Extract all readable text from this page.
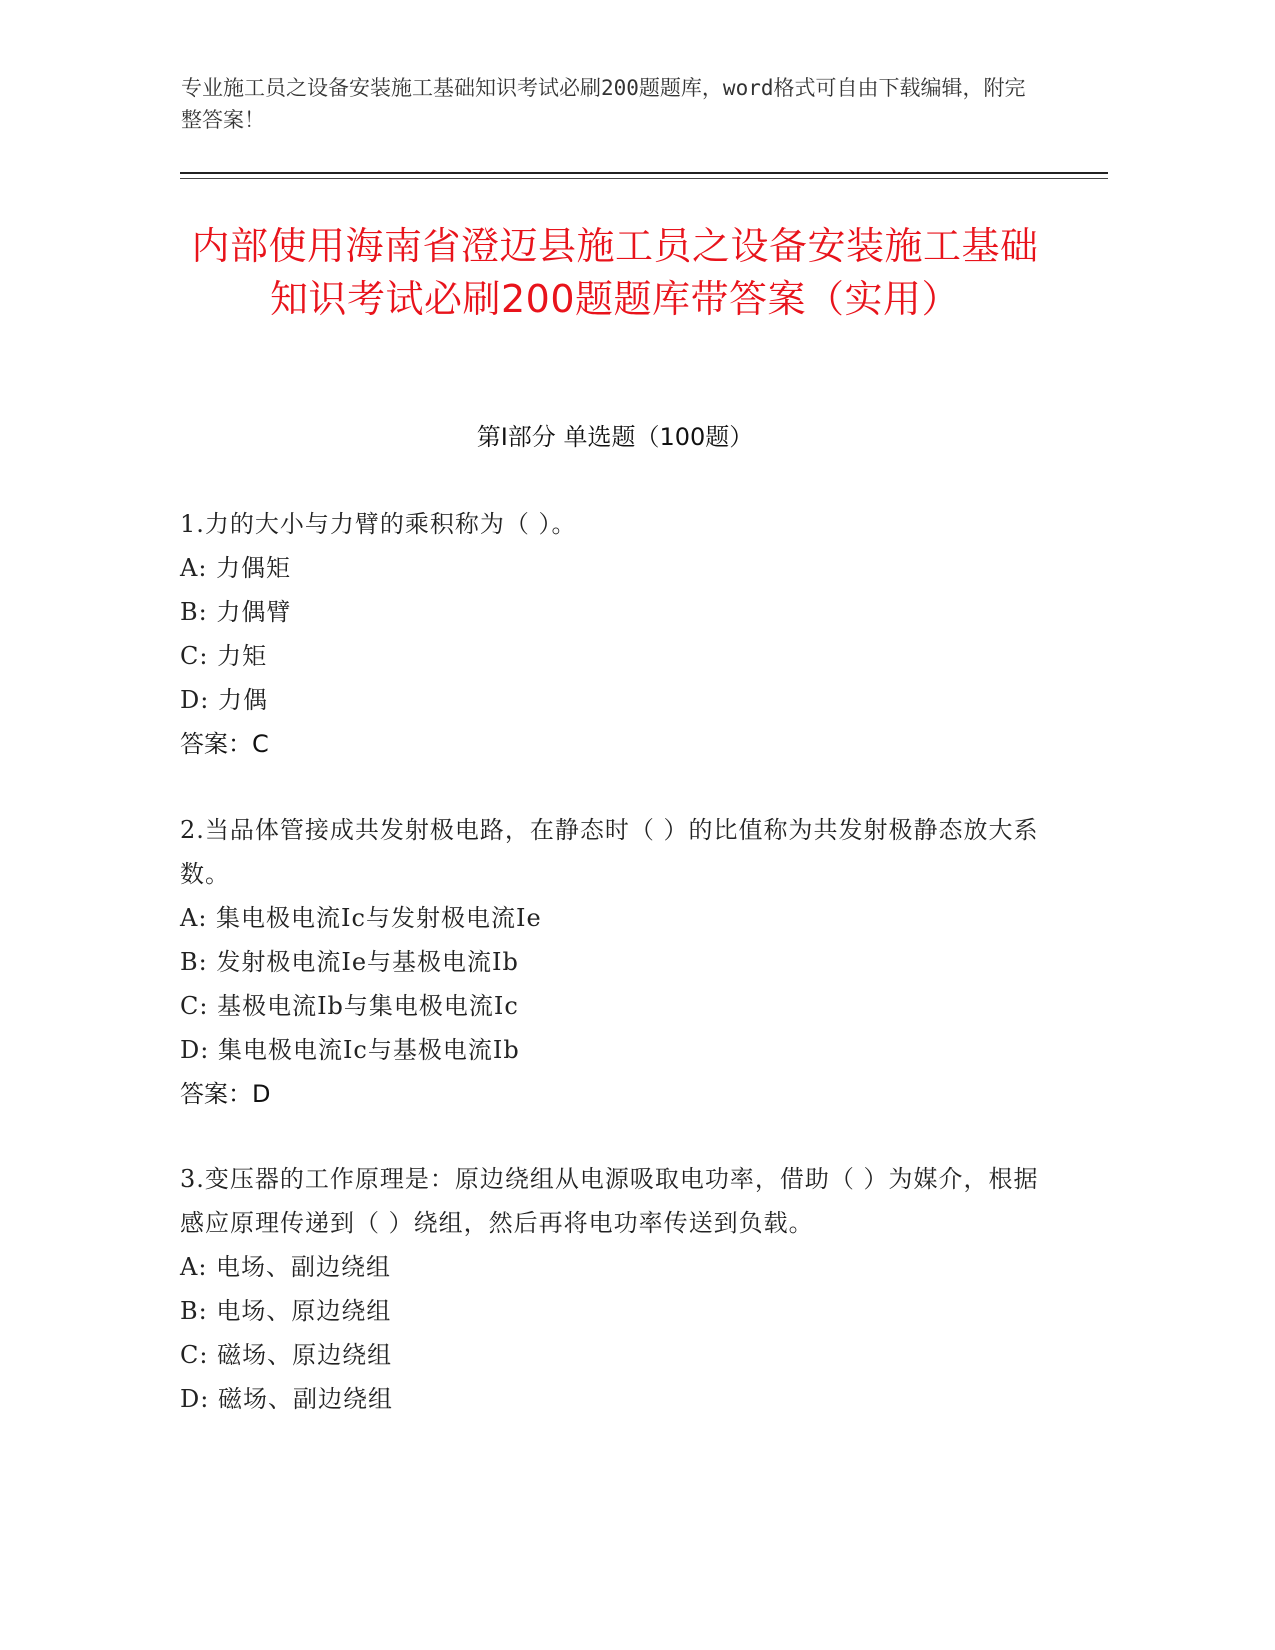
专业施工员之设备安装施工基础知识考试必刷200题题库，word格式可自由下载编辑，附完整答案！
内部使用海南省澄迈县施工员之设备安装施工基础知识考试必刷200题题库带答案（实用）
第Ⅰ部分 单选题（100题）
1.力的大小与力臂的乘积称为（ ）。
A: 力偶矩
B: 力偶臂
C: 力矩
D: 力偶
答案：C
2.当品体管接成共发射极电路，在静态时（ ）的比值称为共发射极静态放大系数。
A: 集电极电流Ic与发射极电流Ie
B: 发射极电流Ie与基极电流Ib
C: 基极电流Ib与集电极电流Ic
D: 集电极电流Ic与基极电流Ib
答案：D
3.变压器的工作原理是：原边绕组从电源吸取电功率，借助（ ）为媒介，根据感应原理传递到（ ）绕组，然后再将电功率传送到负载。
A: 电场、副边绕组
B: 电场、原边绕组
C: 磁场、原边绕组
D: 磁场、副边绕组
